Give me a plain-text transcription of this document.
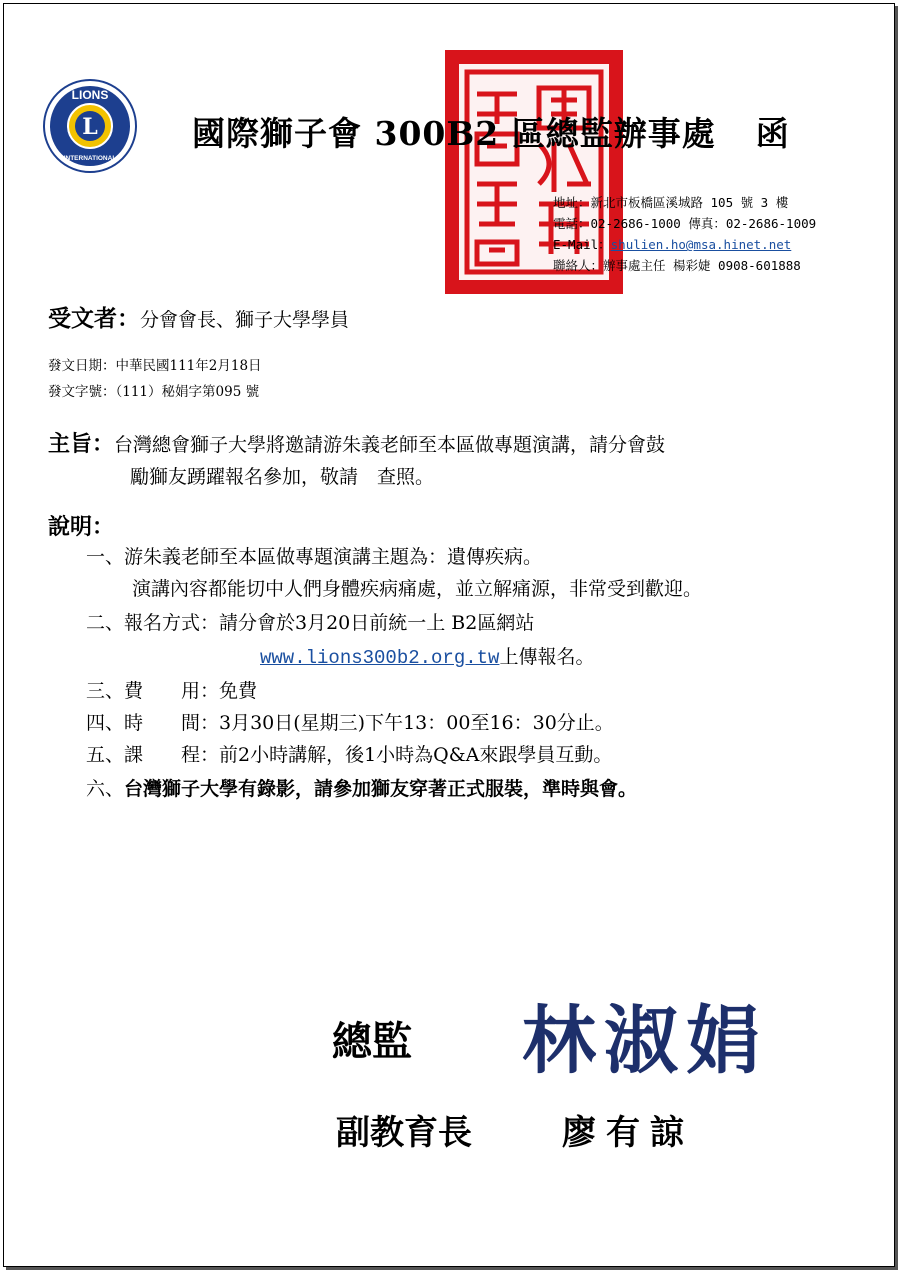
L
LIONS
INTERNATIONAL
國際獅子會 300B2 區總監辦事處 函
地址：新北市板橋區溪城路 105 號 3 樓
電話：02-2686-1000 傳真：02-2686-1009
E-Mail：shulien.ho@msa.hinet.net
聯絡人：辦事處主任 楊彩婕 0908-601888
受文者：分會會長、獅子大學學員
發文日期：中華民國111年2月18日
發文字號：（111）秘娟字第095 號
主旨：台灣總會獅子大學將邀請游朱義老師至本區做專題演講，請分會鼓
勵獅友踴躍報名參加，敬請　查照。
說明：
一、游朱義老師至本區做專題演講主題為：遺傳疾病。
演講內容都能切中人們身體疾病痛處，並立解痛源，非常受到歡迎。
二、報名方式：請分會於3月20日前統一上 B2區網站
www.lions300b2.org.tw上傳報名。
三、費　　用：免費
四、時　　間：3月30日(星期三)下午13：00至16：30分止。
五、課　　程：前2小時講解，後1小時為Q&A來跟學員互動。
六、台灣獅子大學有錄影，請參加獅友穿著正式服裝，準時與會。
總監 林淑娟
副教育長	廖有諒
